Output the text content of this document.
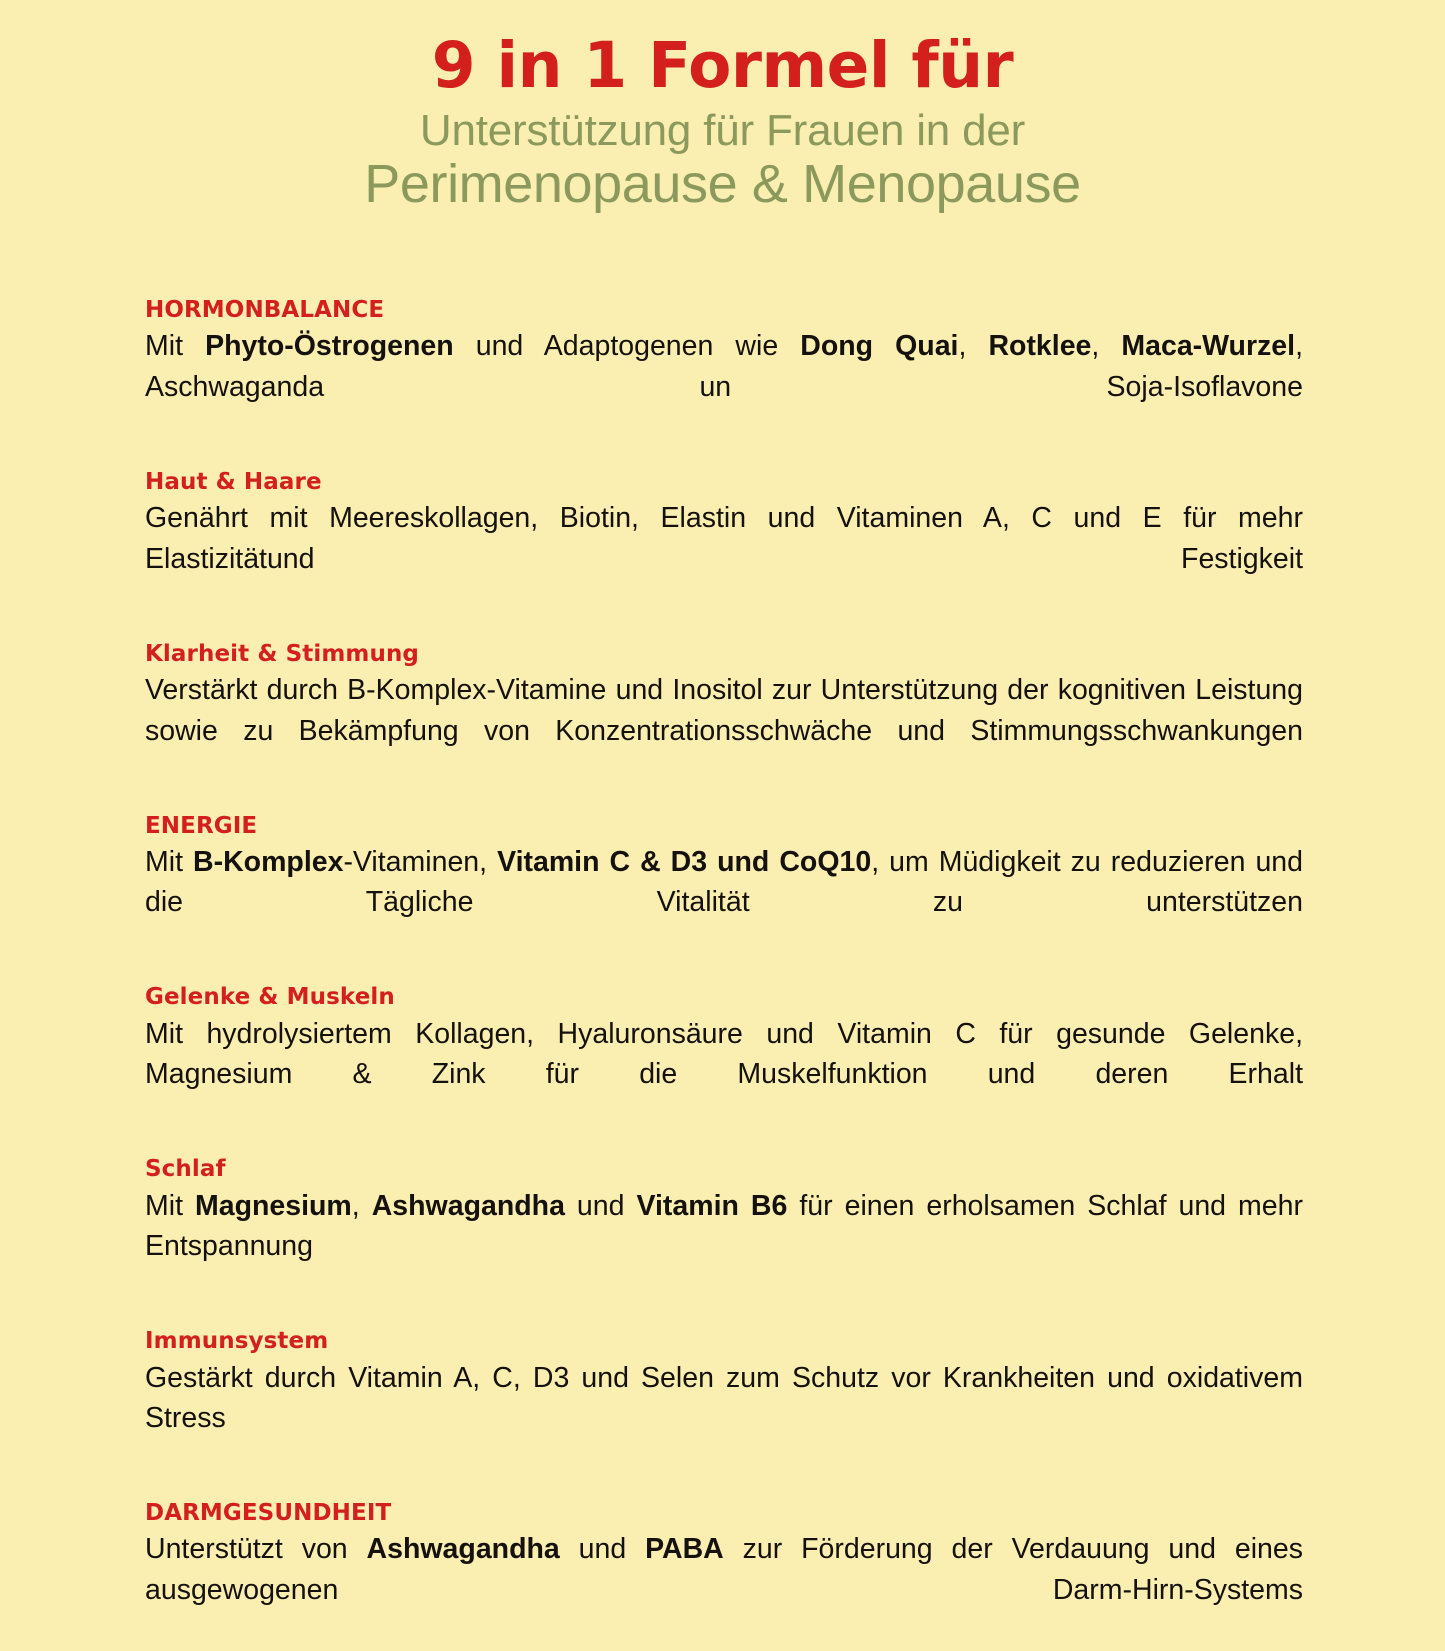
9 in 1 Formel für

Unterstützung für Frauen in der

Perimenopause & Menopause

HORMONBALANCE

Mit Phyto-Östrogenen und Adaptogenen wie Dong Quai, Rotklee, Maca-Wurzel, Aschwaganda un Soja-Isoflavone

Haut & Haare

Genährt mit Meereskollagen, Biotin, Elastin und Vitaminen A, C und E für mehr Elastizitätund Festigkeit

Klarheit & Stimmung

Verstärkt durch B-Komplex-Vitamine und Inositol zur Unterstützung der kognitiven Leistung sowie zu Bekämpfung von Konzentrationsschwäche und Stimmungsschwankungen

ENERGIE

Mit B-Komplex-Vitaminen, Vitamin C & D3 und CoQ10, um Müdigkeit zu reduzieren und die Tägliche Vitalität zu unterstützen

Gelenke & Muskeln

Mit hydrolysiertem Kollagen, Hyaluronsäure und Vitamin C für gesunde Gelenke, Magnesium & Zink für die Muskelfunktion und deren Erhalt

Schlaf

Mit Magnesium, Ashwagandha und Vitamin B6 für einen erholsamen Schlaf und mehr Entspannung

Immunsystem

Gestärkt durch Vitamin A, C, D3 und Selen zum Schutz vor Krankheiten und oxidativem Stress

DARMGESUNDHEIT

Unterstützt von Ashwagandha und PABA zur Förderung der Verdauung und eines ausgewogenen Darm-Hirn-Systems
